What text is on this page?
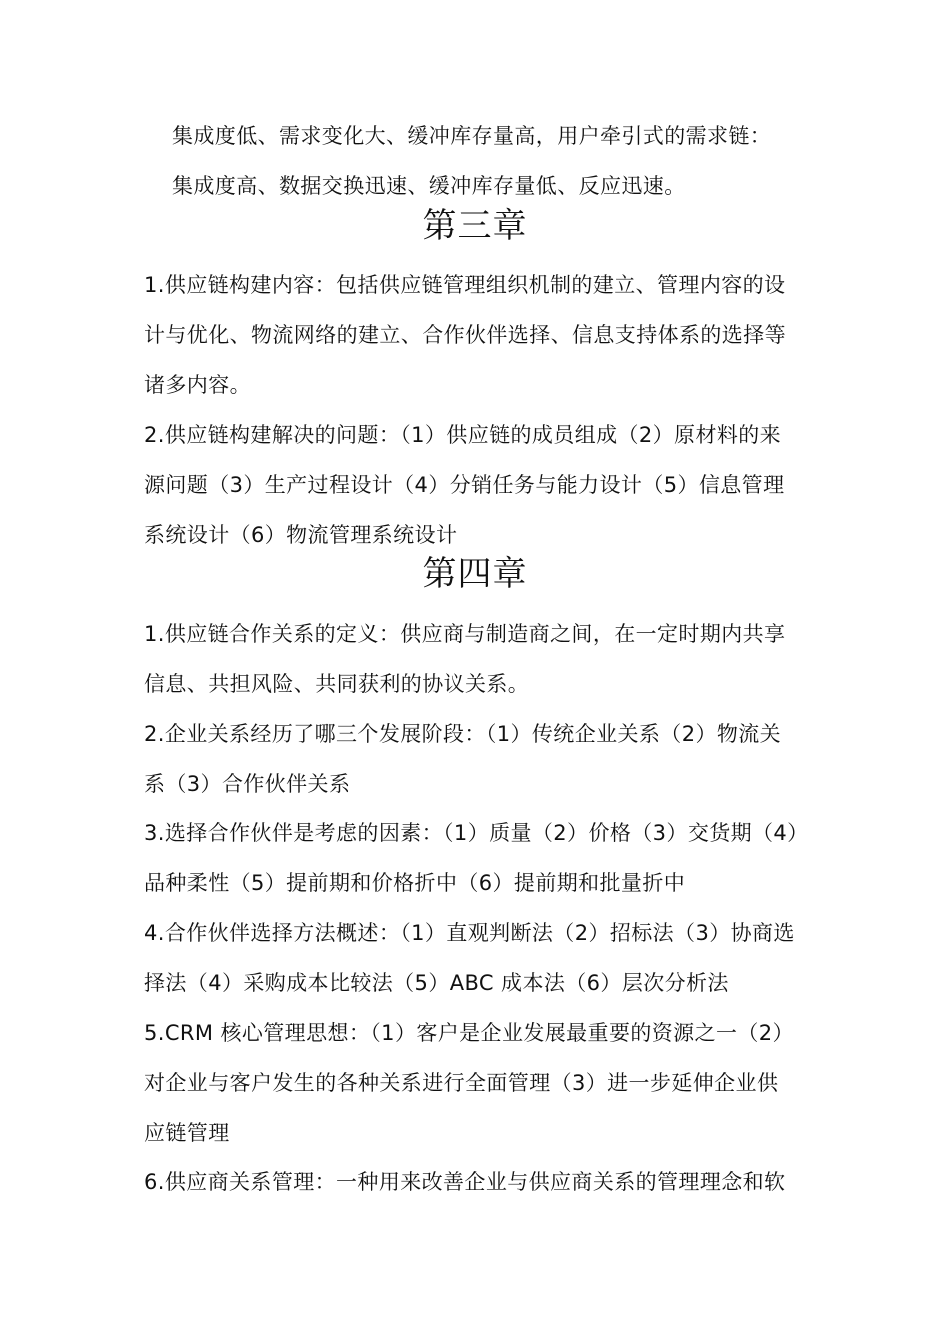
集成度低、需求变化大、缓冲库存量高，用户牵引式的需求链：
集成度高、数据交换迅速、缓冲库存量低、反应迅速。
第三章
1.供应链构建内容：包括供应链管理组织机制的建立、管理内容的设
计与优化、物流网络的建立、合作伙伴选择、信息支持体系的选择等
诸多内容。
2.供应链构建解决的问题：（1）供应链的成员组成（2）原材料的来
源问题（3）生产过程设计（4）分销任务与能力设计（5）信息管理
系统设计（6）物流管理系统设计
第四章
1.供应链合作关系的定义：供应商与制造商之间，在一定时期内共享
信息、共担风险、共同获利的协议关系。
2.企业关系经历了哪三个发展阶段：（1）传统企业关系（2）物流关
系（3）合作伙伴关系
3.选择合作伙伴是考虑的因素：（1）质量（2）价格（3）交货期（4）
品种柔性（5）提前期和价格折中（6）提前期和批量折中
4.合作伙伴选择方法概述：（1）直观判断法（2）招标法（3）协商选
择法（4）采购成本比较法（5）ABC 成本法（6）层次分析法
5.CRM 核心管理思想：（1）客户是企业发展最重要的资源之一（2）
对企业与客户发生的各种关系进行全面管理（3）进一步延伸企业供
应链管理
6.供应商关系管理：一种用来改善企业与供应商关系的管理理念和软
